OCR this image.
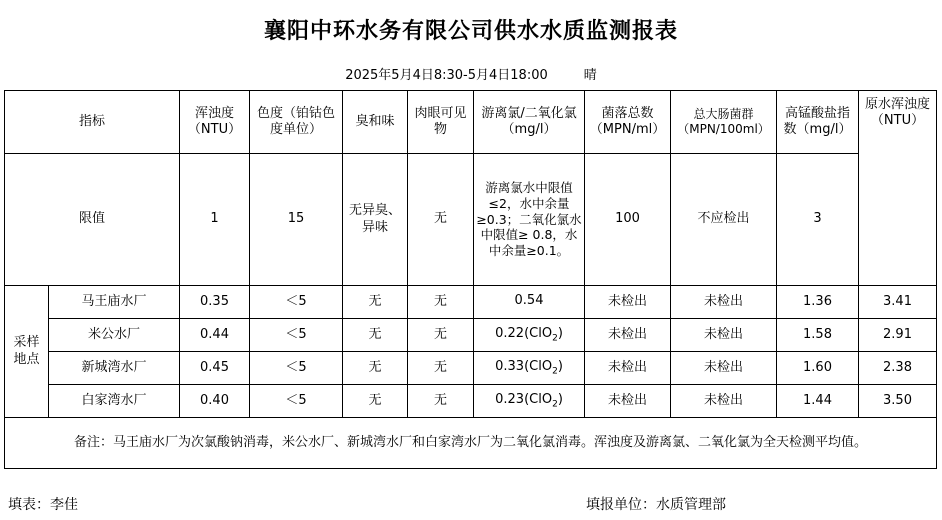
襄阳中环水务有限公司供水水质监测报表
2025年5月4日8:30-5月4日18:00	晴
指标		浑浊度（NTU）	色度（铂钴色度单位）	臭和味	肉眼可见物	游离氯/二氧化氯（mg/l）	菌落总数（MPN/ml）	总大肠菌群（MPN/100ml）	高锰酸盐指数（mg/l）	原水浑浊度（NTU）
限值		1	15	无异臭、异味	无	游离氯水中限值 ≤2，水中余量≥0.3；二氧化氯水中限值≥ 0.8，水中余量≥0.1。	100	不应检出	3	
采样地点	马王庙水厂	0.35	＜5	无	无	0.54	未检出	未检出	1.36	3.41
	米公水厂	0.44	＜5	无	无	0.22(ClO$_2$)	未检出	未检出	1.58	2.91
	新城湾水厂	0.45	＜5	无	无	0.33(ClO$_2$)	未检出	未检出	1.60	2.38
	白家湾水厂	0.40	＜5	无	无	0.23(ClO$_2$)	未检出	未检出	1.44	3.50
备注：马王庙水厂为次氯酸钠消毒，米公水厂、新城湾水厂和白家湾水厂为二氧化氯消毒。浑浊度及游离氯、二氧化氯为全天检测平均值。										
填表：李佳	填报单位：水质管理部
